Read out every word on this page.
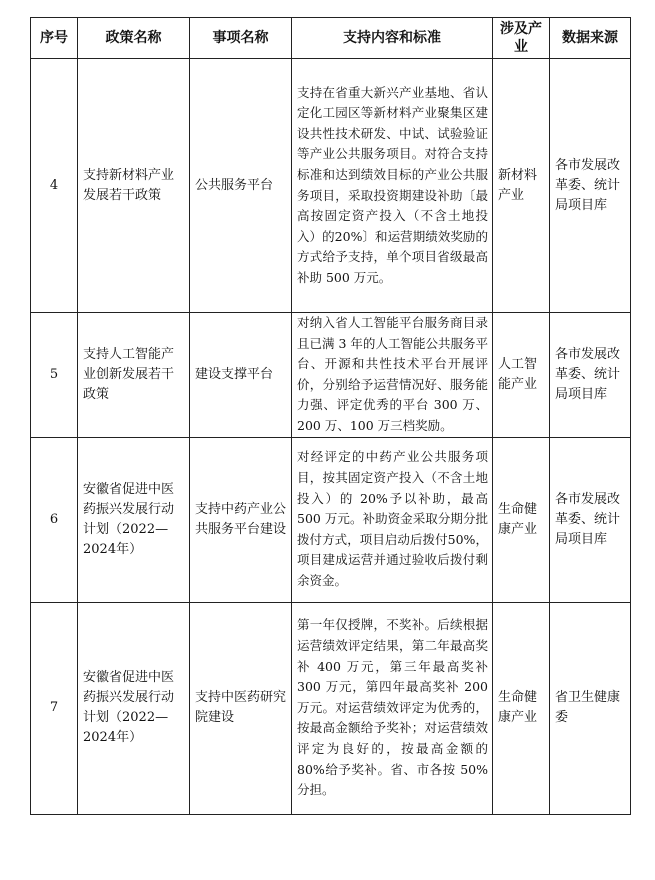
序号	政策名称	事项名称	支持内容和标准	涉及产业	数据来源
4	支持新材料产业发展若干政策	公共服务平台	支持在省重大新兴产业基地、省认定化工园区等新材料产业聚集区建设共性技术研发、中试、试验验证等产业公共服务项目。对符合支持标准和达到绩效目标的产业公共服务项目，采取投资期建设补助〔最高按固定资产投入（不含土地投入）的20%〕和运营期绩效奖励的方式给予支持，单个项目省级最高补助 500 万元。	新材料产业	各市发展改革委、统计局项目库
5	支持人工智能产业创新发展若干政策	建设支撑平台	对纳入省人工智能平台服务商目录且已满 3 年的人工智能公共服务平台、开源和共性技术平台开展评价，分别给予运营情况好、服务能力强、评定优秀的平台 300 万、200 万、100 万三档奖励。	人工智能产业	各市发展改革委、统计局项目库
6	安徽省促进中医药振兴发展行动计划（2022—2024年）	支持中药产业公共服务平台建设	对经评定的中药产业公共服务项目，按其固定资产投入（不含土地投入）的 20%予以补助，最高 500 万元。补助资金采取分期分批拨付方式，项目启动后拨付50%，项目建成运营并通过验收后拨付剩余资金。	生命健康产业	各市发展改革委、统计局项目库
7	安徽省促进中医药振兴发展行动计划（2022—2024年）	支持中医药研究院建设	第一年仅授牌，不奖补。后续根据运营绩效评定结果，第二年最高奖补 400 万元，第三年最高奖补 300 万元，第四年最高奖补 200 万元。对运营绩效评定为优秀的，按最高金额给予奖补；对运营绩效评定为良好的，按最高金额的 80%给予奖补。省、市各按 50%分担。	生命健康产业	省卫生健康委
